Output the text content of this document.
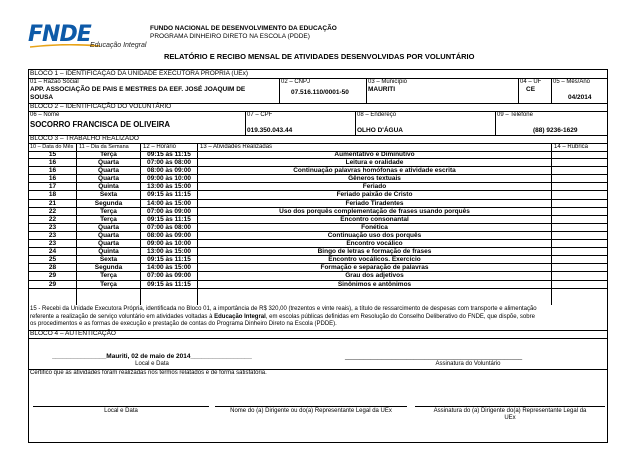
FNDE Educação Integral
FUNDO NACIONAL DE DESENVOLVIMENTO DA EDUCAÇÃO
PROGRAMA DINHEIRO DIRETO NA ESCOLA (PDDE)
RELATÓRIO E RECIBO MENSAL DE ATIVIDADES DESENVOLVIDAS POR VOLUNTÁRIO
BLOCO 1 – IDENTIFICAÇÃO DA UNIDADE EXECUTORA PRÓPRIA (UEx)
01 – Razão Social
APP. ASSOCIAÇÃO DE PAIS E MESTRES DA EEF. JOSÉ JOAQUIM DE
SOUSA
02 – CNPJ
07.516.110/0001-50
03 – Município
MAURITI
04 – UF
CE
05 – Mês/Ano
04/2014
BLOCO 2 – IDENTIFICAÇÃO DO VOLUNTÁRIO
06 – Nome
SOCORRO FRANCISCA DE OLIVEIRA
07 – CPF
019.350.043.44
08 – Endereço
OLHO D'ÁGUA
09 – Telefone
(88) 9236-1629
BLOCO 3 – TRABALHO REALIZADO
10 – Data do Mês 11 – Dia da Semana 12 – Horário	13 – Atividades Realizadas	14 – Rubrica
15	Terça	09:15 às 11:15	Aumentativo e Diminutivo
16	Quarta	07:00 às 08:00	Leitura e oralidade
16	Quarta	08:00 às 09:00	Continuação palavras homófonas e atividade escrita
16	Quarta	09:00 às 10:00	Gêneros textuais
17	Quinta	13:00 às 15:00	Feriado
18	Sexta	09:15 às 11:15	Feriado paixão de Cristo
21	Segunda	14:00 às 15:00	Feriado Tiradentes
22	Terça	07:00 às 09:00	Uso dos porquês complementação de frases usando porquês
22	Terça	09:15 às 11:15	Encontro consonantal
23	Quarta	07:00 às 08:00	Fonética
23	Quarta	08:00 às 09:00	Continuação uso dos porquês
23	Quarta	09:00 às 10:00	Encontro vocálico
24	Quinta	13:00 às 15:00	Bingo de letras e formação de frases
25	Sexta	09:15 às 11:15	Encontro vocálicos. Exercício
28	Segunda	14:00 às 15:00	Formação e separação de palavras
29	Terça	07:00 às 09:00	Grau dos adjetivos
29	Terça	09:15 às 11:15	Sinônimos e antônimos
15 - Recebi da Unidade Executora Própria, identificada no Bloco 01, a importância de R$ 320,00 (trezentos e vinte reais), a título de ressarcimento de despesas com transporte e alimentação
referente a realização de serviço voluntário em atividades voltadas à Educação Integral, em escolas públicas definidas em Resolução do Conselho Deliberativo do FNDE, que dispõe, sobre
os procedimentos e as formas de execução e prestação de contas do Programa Dinheiro Direto na Escola (PDDE).
BLOCO 4 – AUTENTICAÇÃO
_______________Mauriti, 02 de maio de 2014_________________
Local e Data
_________________________________________________
Assinatura do Voluntário
Certifico que as atividades foram realizadas nos termos relatados e de forma satisfatória.
Local e Data	Nome do (a) Dirigente ou do(a) Representante Legal da UEx	Assinatura do (a) Dirigente do(a) Representante Legal da
UEx
